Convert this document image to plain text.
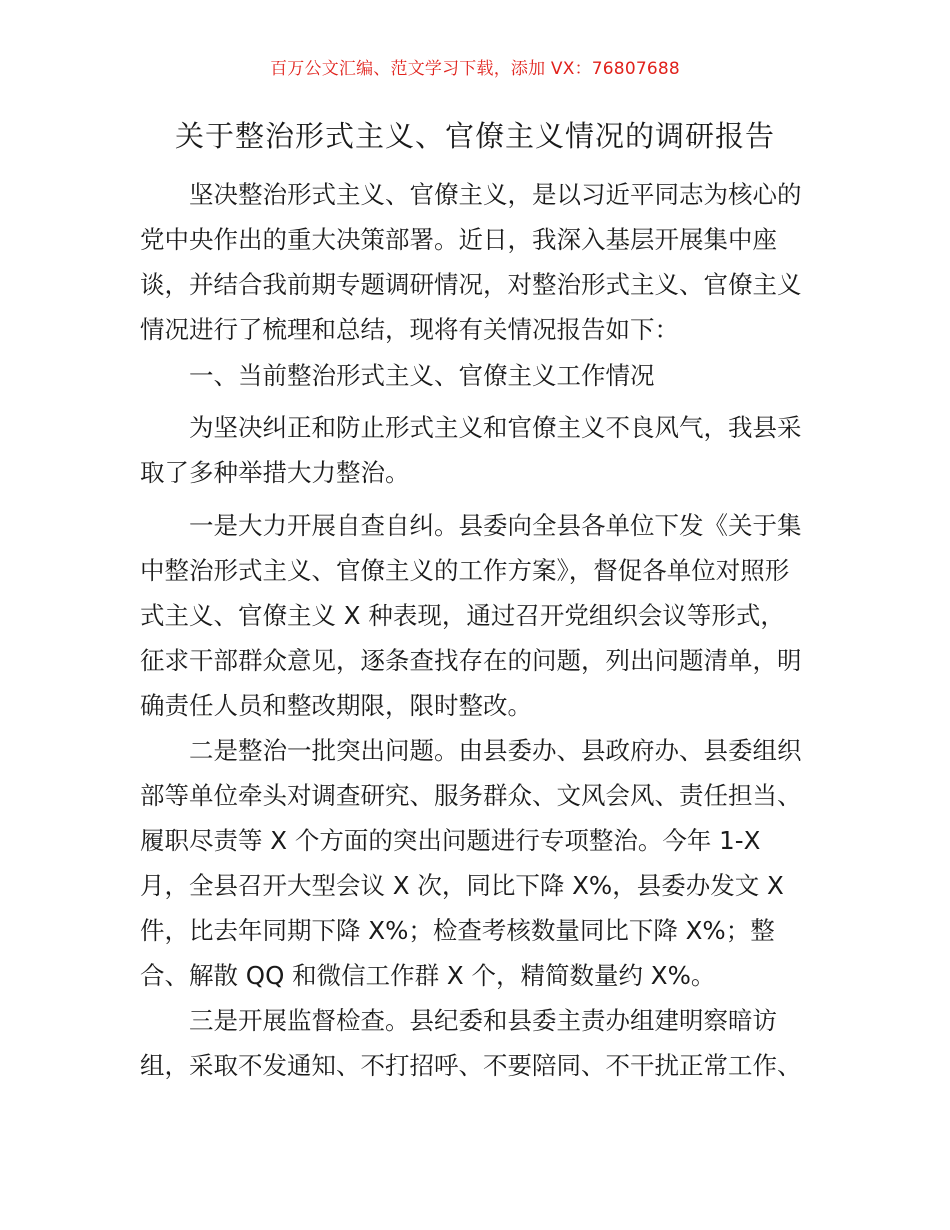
百万公文汇编、范文学习下载，添加 VX：76807688
关于整治形式主义、官僚主义情况的调研报告
坚决整治形式主义、官僚主义，是以习近平同志为核心的
党中央作出的重大决策部署。近日，我深入基层开展集中座
谈，并结合我前期专题调研情况，对整治形式主义、官僚主义
情况进行了梳理和总结，现将有关情况报告如下：
一、当前整治形式主义、官僚主义工作情况
为坚决纠正和防止形式主义和官僚主义不良风气，我县采
取了多种举措大力整治。
一是大力开展自查自纠。县委向全县各单位下发《关于集
中整治形式主义、官僚主义的工作方案》，督促各单位对照形
式主义、官僚主义 X 种表现，通过召开党组织会议等形式，
征求干部群众意见，逐条查找存在的问题，列出问题清单，明
确责任人员和整改期限，限时整改。
二是整治一批突出问题。由县委办、县政府办、县委组织
部等单位牵头对调查研究、服务群众、文风会风、责任担当、
履职尽责等 X 个方面的突出问题进行专项整治。今年 1-X
月，全县召开大型会议 X 次，同比下降 X%，县委办发文 X
件，比去年同期下降 X%；检查考核数量同比下降 X%；整
合、解散 QQ 和微信工作群 X 个，精简数量约 X%。
三是开展监督检查。县纪委和县委主责办组建明察暗访
组，采取不发通知、不打招呼、不要陪同、不干扰正常工作、
